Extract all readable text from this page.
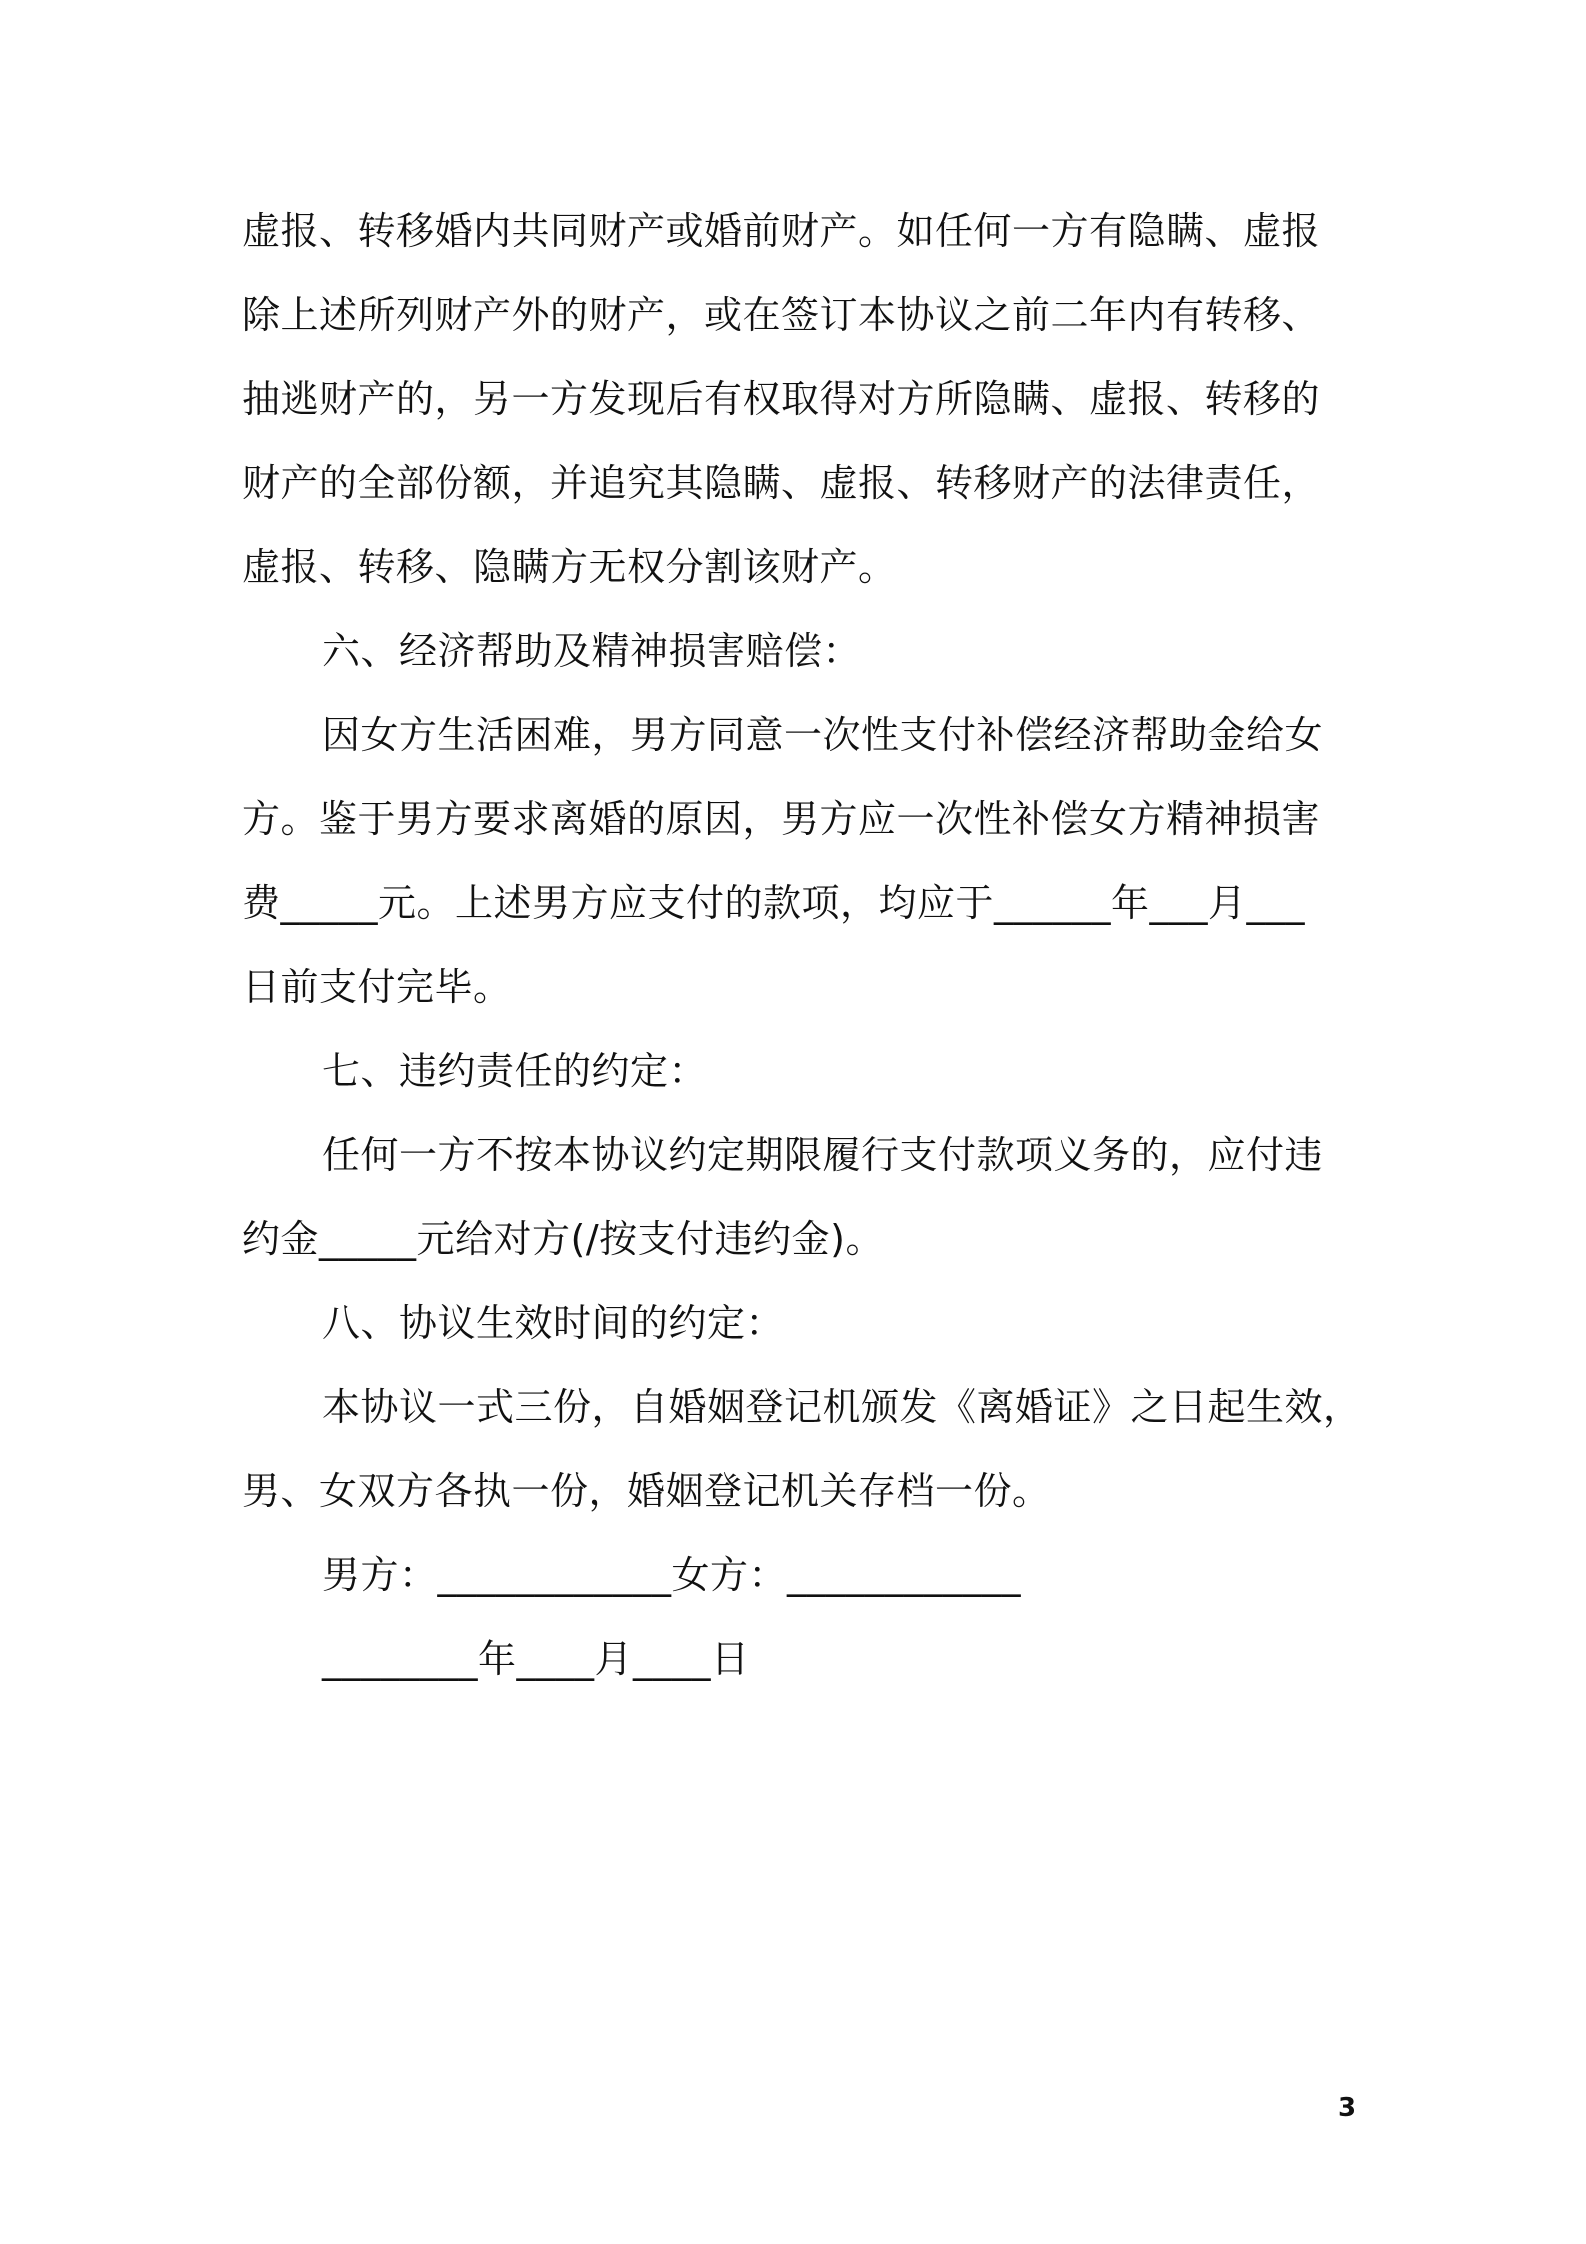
虚报、转移婚内共同财产或婚前财产。如任何一方有隐瞒、虚报
除上述所列财产外的财产，或在签订本协议之前二年内有转移、
抽逃财产的，另一方发现后有权取得对方所隐瞒、虚报、转移的
财产的全部份额，并追究其隐瞒、虚报、转移财产的法律责任，
虚报、转移、隐瞒方无权分割该财产。
六、经济帮助及精神损害赔偿：
因女方生活困难，男方同意一次性支付补偿经济帮助金给女
方。鉴于男方要求离婚的原因，男方应一次性补偿女方精神损害
费_____元。上述男方应支付的款项，均应于______年___月___
日前支付完毕。
七、违约责任的约定：
任何一方不按本协议约定期限履行支付款项义务的，应付违
约金_____元给对方(/按支付违约金)。
八、协议生效时间的约定：
本协议一式三份，自婚姻登记机颁发《离婚证》之日起生效，
男、女双方各执一份，婚姻登记机关存档一份。
男方：____________女方：____________
________年____月____日
3
